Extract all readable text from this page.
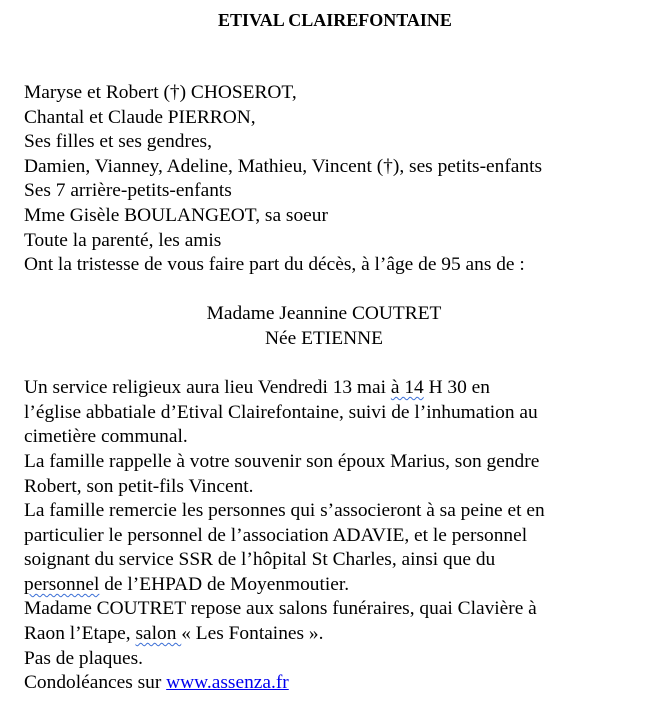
ETIVAL CLAIREFONTAINE
Maryse et Robert (†) CHOSEROT,
Chantal et Claude PIERRON,
Ses filles et ses gendres,
Damien, Vianney, Adeline, Mathieu, Vincent (†), ses petits-enfants
Ses 7 arrière-petits-enfants
Mme Gisèle BOULANGEOT, sa soeur
Toute la parenté, les amis
Ont la tristesse de vous faire part du décès, à l’âge de 95 ans de :
Madame Jeannine COUTRET
Née ETIENNE
Un service religieux aura lieu Vendredi 13 mai à 14 H 30 en
l’église abbatiale d’Etival Clairefontaine, suivi de l’inhumation au
cimetière communal.
La famille rappelle à votre souvenir son époux Marius, son gendre
Robert, son petit-fils Vincent.
La famille remercie les personnes qui s’associeront à sa peine et en
particulier le personnel de l’association ADAVIE, et le personnel
soignant du service SSR de l’hôpital St Charles, ainsi que du
personnel de l’EHPAD de Moyenmoutier.
Madame COUTRET repose aux salons funéraires, quai Clavière à
Raon l’Etape, salon « Les Fontaines ».
Pas de plaques.
Condoléances sur www.assenza.fr
